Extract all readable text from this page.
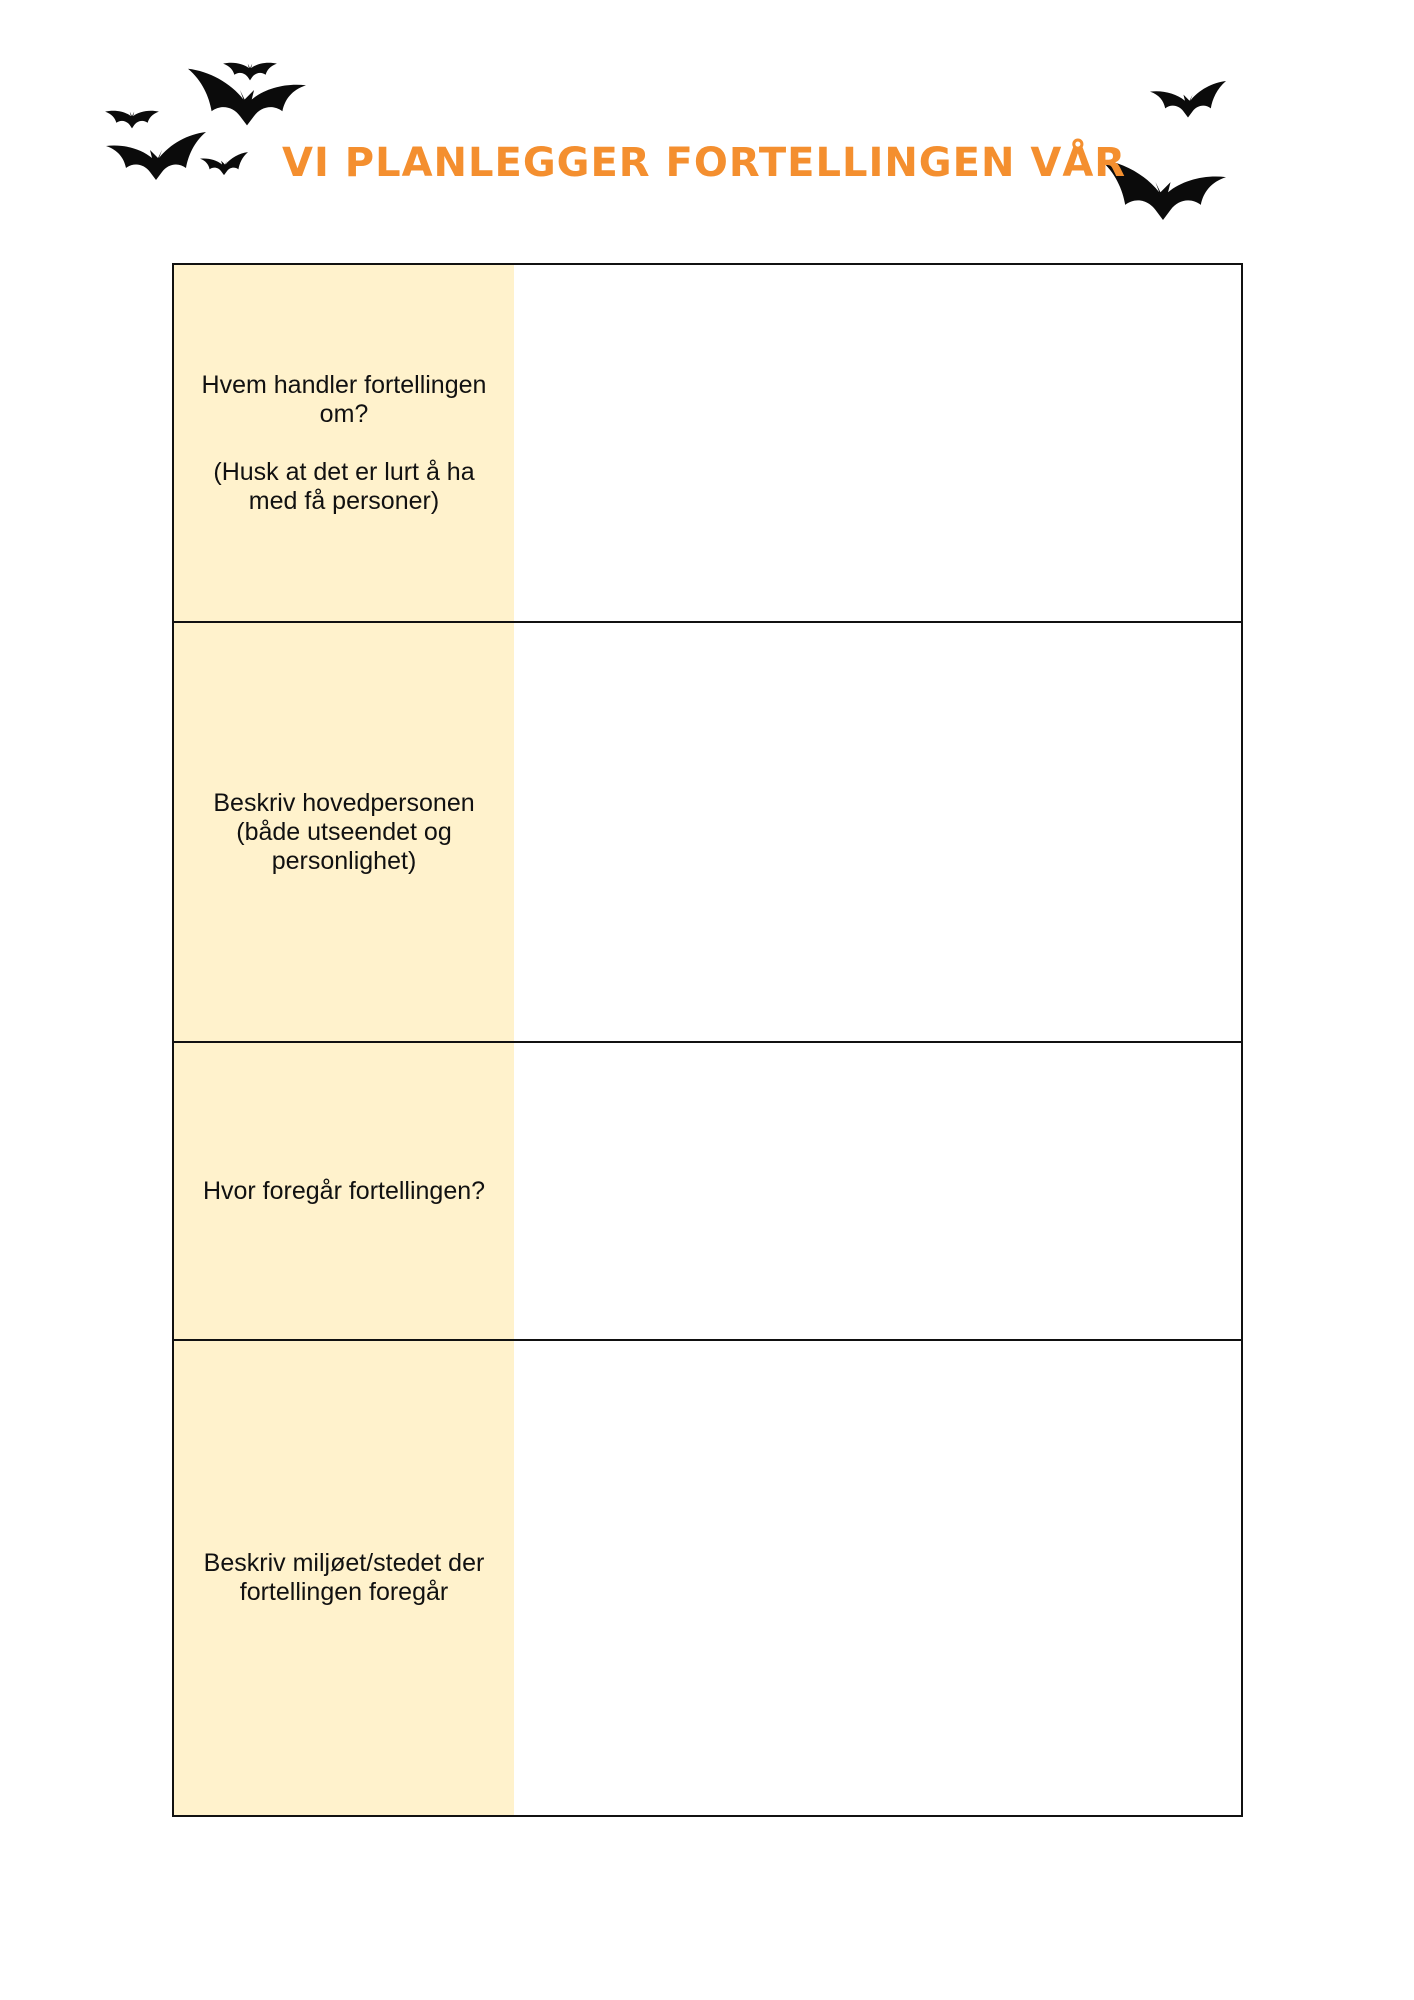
VI PLANLEGGER FORTELLINGEN VÅR
Hvem handler fortellingen
om?

(Husk at det er lurt å ha
med få personer)
Beskriv hovedpersonen
(både utseendet og
personlighet)
Hvor foregår fortellingen?
Beskriv miljøet/stedet der
fortellingen foregår
